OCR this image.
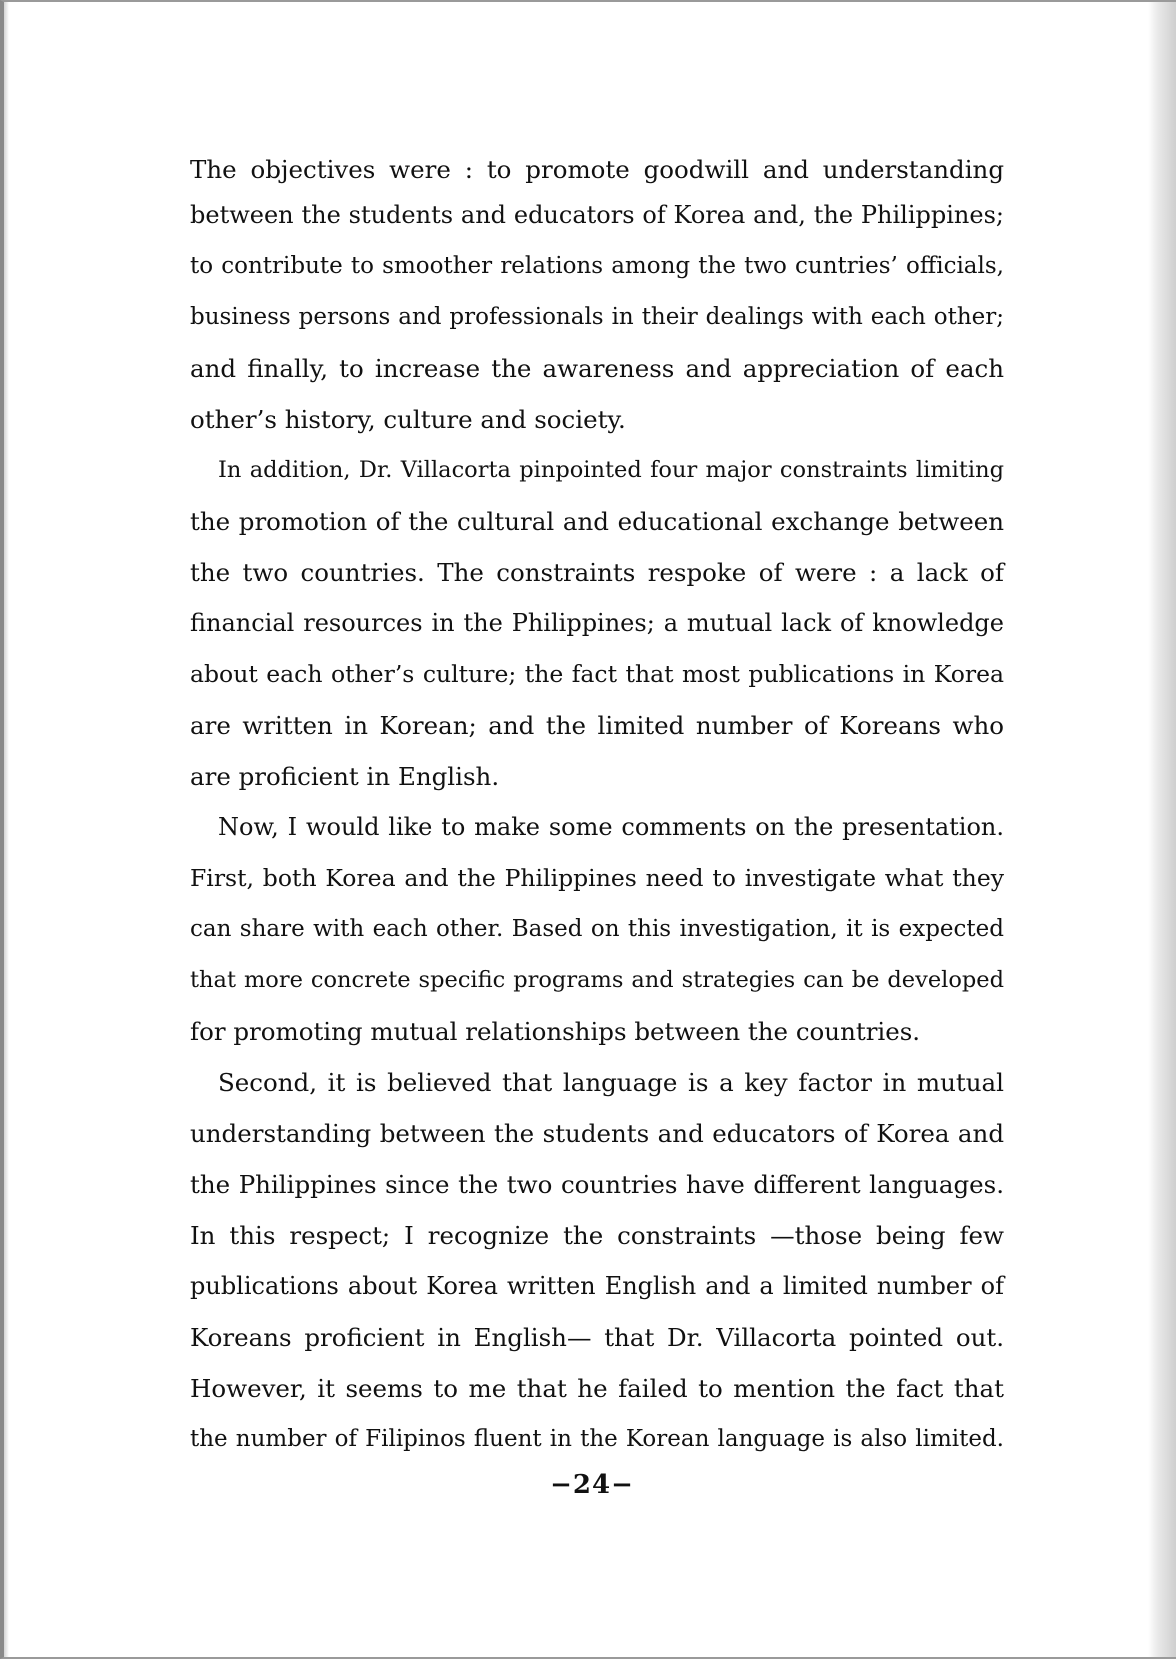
The objectives were : to promote goodwill and understanding
between the students and educators of Korea and, the Philippines;
to contribute to smoother relations among the two cuntries’ officials,
business persons and professionals in their dealings with each other;
and finally, to increase the awareness and appreciation of each
other’s history, culture and society.
In addition, Dr. Villacorta pinpointed four major constraints limiting
the promotion of the cultural and educational exchange between
the two countries. The constraints respoke of were : a lack of
financial resources in the Philippines; a mutual lack of knowledge
about each other’s culture; the fact that most publications in Korea
are written in Korean; and the limited number of Koreans who
are proficient in English.
Now, I would like to make some comments on the presentation.
First, both Korea and the Philippines need to investigate what they
can share with each other. Based on this investigation, it is expected
that more concrete specific programs and strategies can be developed
for promoting mutual relationships between the countries.
Second, it is believed that language is a key factor in mutual
understanding between the students and educators of Korea and
the Philippines since the two countries have different languages.
In this respect; I recognize the constraints —those being few
publications about Korea written English and a limited number of
Koreans proficient in English— that Dr. Villacorta pointed out.
However, it seems to me that he failed to mention the fact that
the number of Filipinos fluent in the Korean language is also limited.
−24−
